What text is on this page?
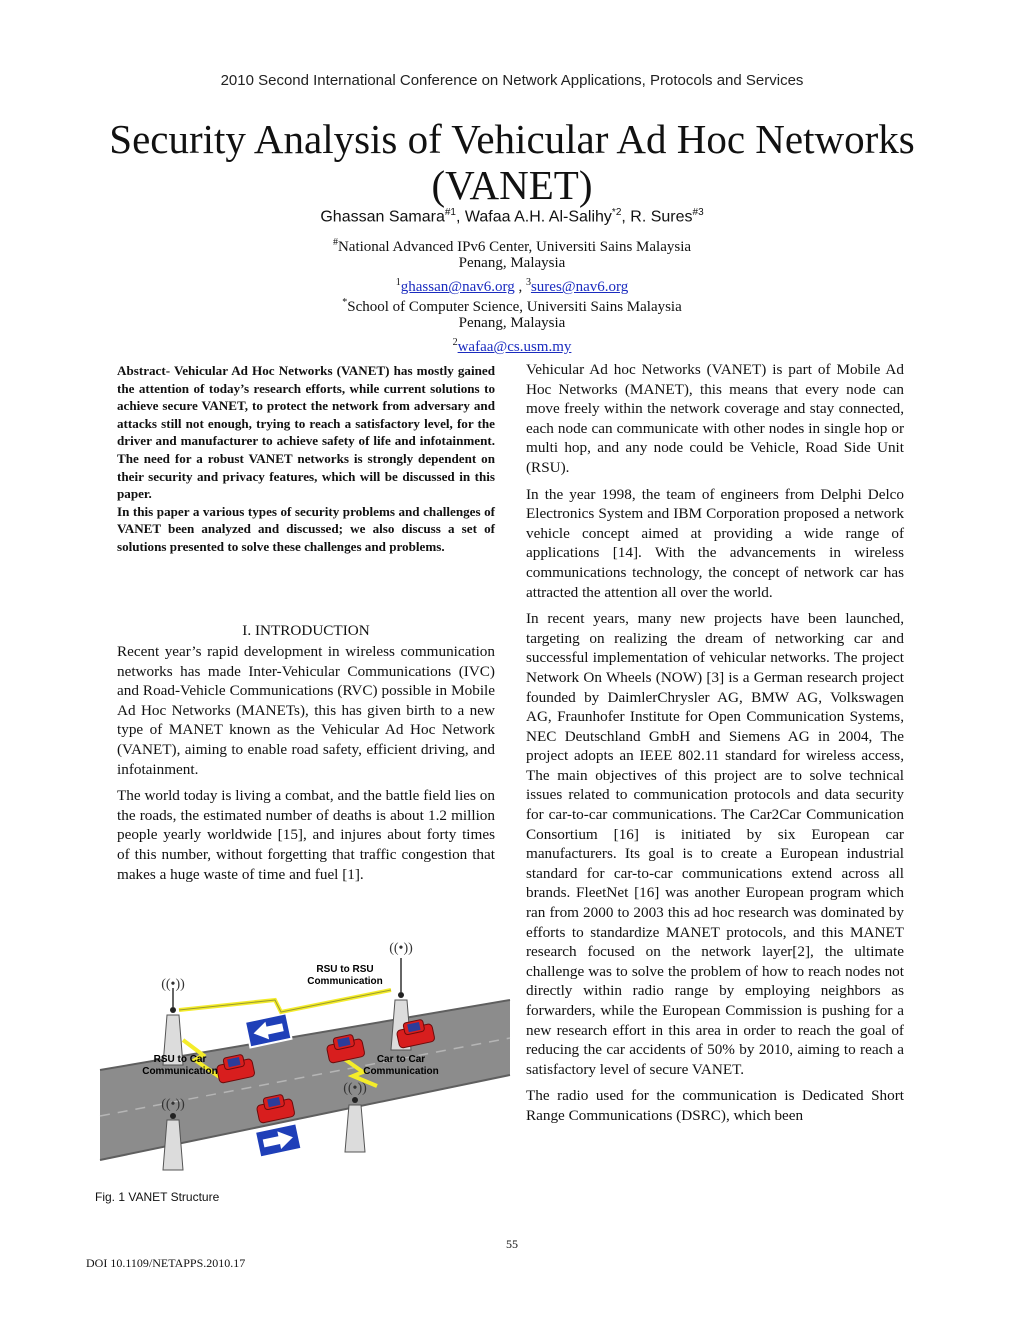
2010 Second International Conference on Network Applications, Protocols and Services
Security Analysis of Vehicular Ad Hoc Networks (VANET)
Ghassan Samara$^{\#1}$, Wafaa A.H. Al-Salihy$^{*2}$, R. Sures$^{\#3}$
#National Advanced IPv6 Center, Universiti Sains Malaysia
Penang, Malaysia
$^1$ghassan@nav6.org , $^3$sures@nav6.org
*School of Computer Science, Universiti Sains Malaysia
Penang, Malaysia
$^2$wafaa@cs.usm.my

Abstract- Vehicular Ad Hoc Networks (VANET) has mostly gained the attention of today’s research efforts, while current solutions to achieve secure VANET, to protect the network from adversary and attacks still not enough, trying to reach a satisfactory level, for the driver and manufacturer to achieve safety of life and infotainment. The need for a robust VANET networks is strongly dependent on their security and privacy features, which will be discussed in this paper.

In this paper a various types of security problems and challenges of VANET been analyzed and discussed; we also discuss a set of solutions presented to solve these challenges and problems.

I. INTRODUCTION

Recent year’s rapid development in wireless communication networks has made Inter-Vehicular Communications (IVC) and Road-Vehicle Communications (RVC) possible in Mobile Ad Hoc Networks (MANETs), this has given birth to a new type of MANET known as the Vehicular Ad Hoc Network (VANET), aiming to enable road safety, efficient driving, and infotainment.

The world today is living a combat, and the battle field lies on the roads, the estimated number of deaths is about 1.2 million people yearly worldwide [15], and injures about forty times of this number, without forgetting that traffic congestion that makes a huge waste of time and fuel [1].

((•))
((•))
((•))
((•))
RSU to RSU
Communication
RSU to Car
Communication
Car to Car
Communication
Fig. 1 VANET Structure

Vehicular Ad hoc Networks (VANET) is part of Mobile Ad Hoc Networks (MANET), this means that every node can move freely within the network coverage and stay connected, each node can communicate with other nodes in single hop or multi hop, and any node could be Vehicle, Road Side Unit (RSU).

In the year 1998, the team of engineers from Delphi Delco Electronics System and IBM Corporation proposed a network vehicle concept aimed at providing a wide range of applications [14]. With the advancements in wireless communications technology, the concept of network car has attracted the attention all over the world.

In recent years, many new projects have been launched, targeting on realizing the dream of networking car and successful implementation of vehicular networks. The project Network On Wheels (NOW) [3] is a German research project founded by DaimlerChrysler AG, BMW AG, Volkswagen AG, Fraunhofer Institute for Open Communication Systems, NEC Deutschland GmbH and Siemens AG in 2004, The project adopts an IEEE 802.11 standard for wireless access, The main objectives of this project are to solve technical issues related to communication protocols and data security for car-to-car communications. The Car2Car Communication Consortium [16] is initiated by six European car manufacturers. Its goal is to create a European industrial standard for car-to-car communications extend across all brands. FleetNet [16] was another European program which ran from 2000 to 2003 this ad hoc research was dominated by efforts to standardize MANET protocols, and this MANET research focused on the network layer[2], the ultimate challenge was to solve the problem of how to reach nodes not directly within radio range by employing neighbors as forwarders, while the European Commission is pushing for a new research effort in this area in order to reach the goal of reducing the car accidents of 50% by 2010, aiming to reach a satisfactory level of secure VANET.

The radio used for the communication is Dedicated Short Range Communications (DSRC), which been

55
DOI 10.1109/NETAPPS.2010.17
